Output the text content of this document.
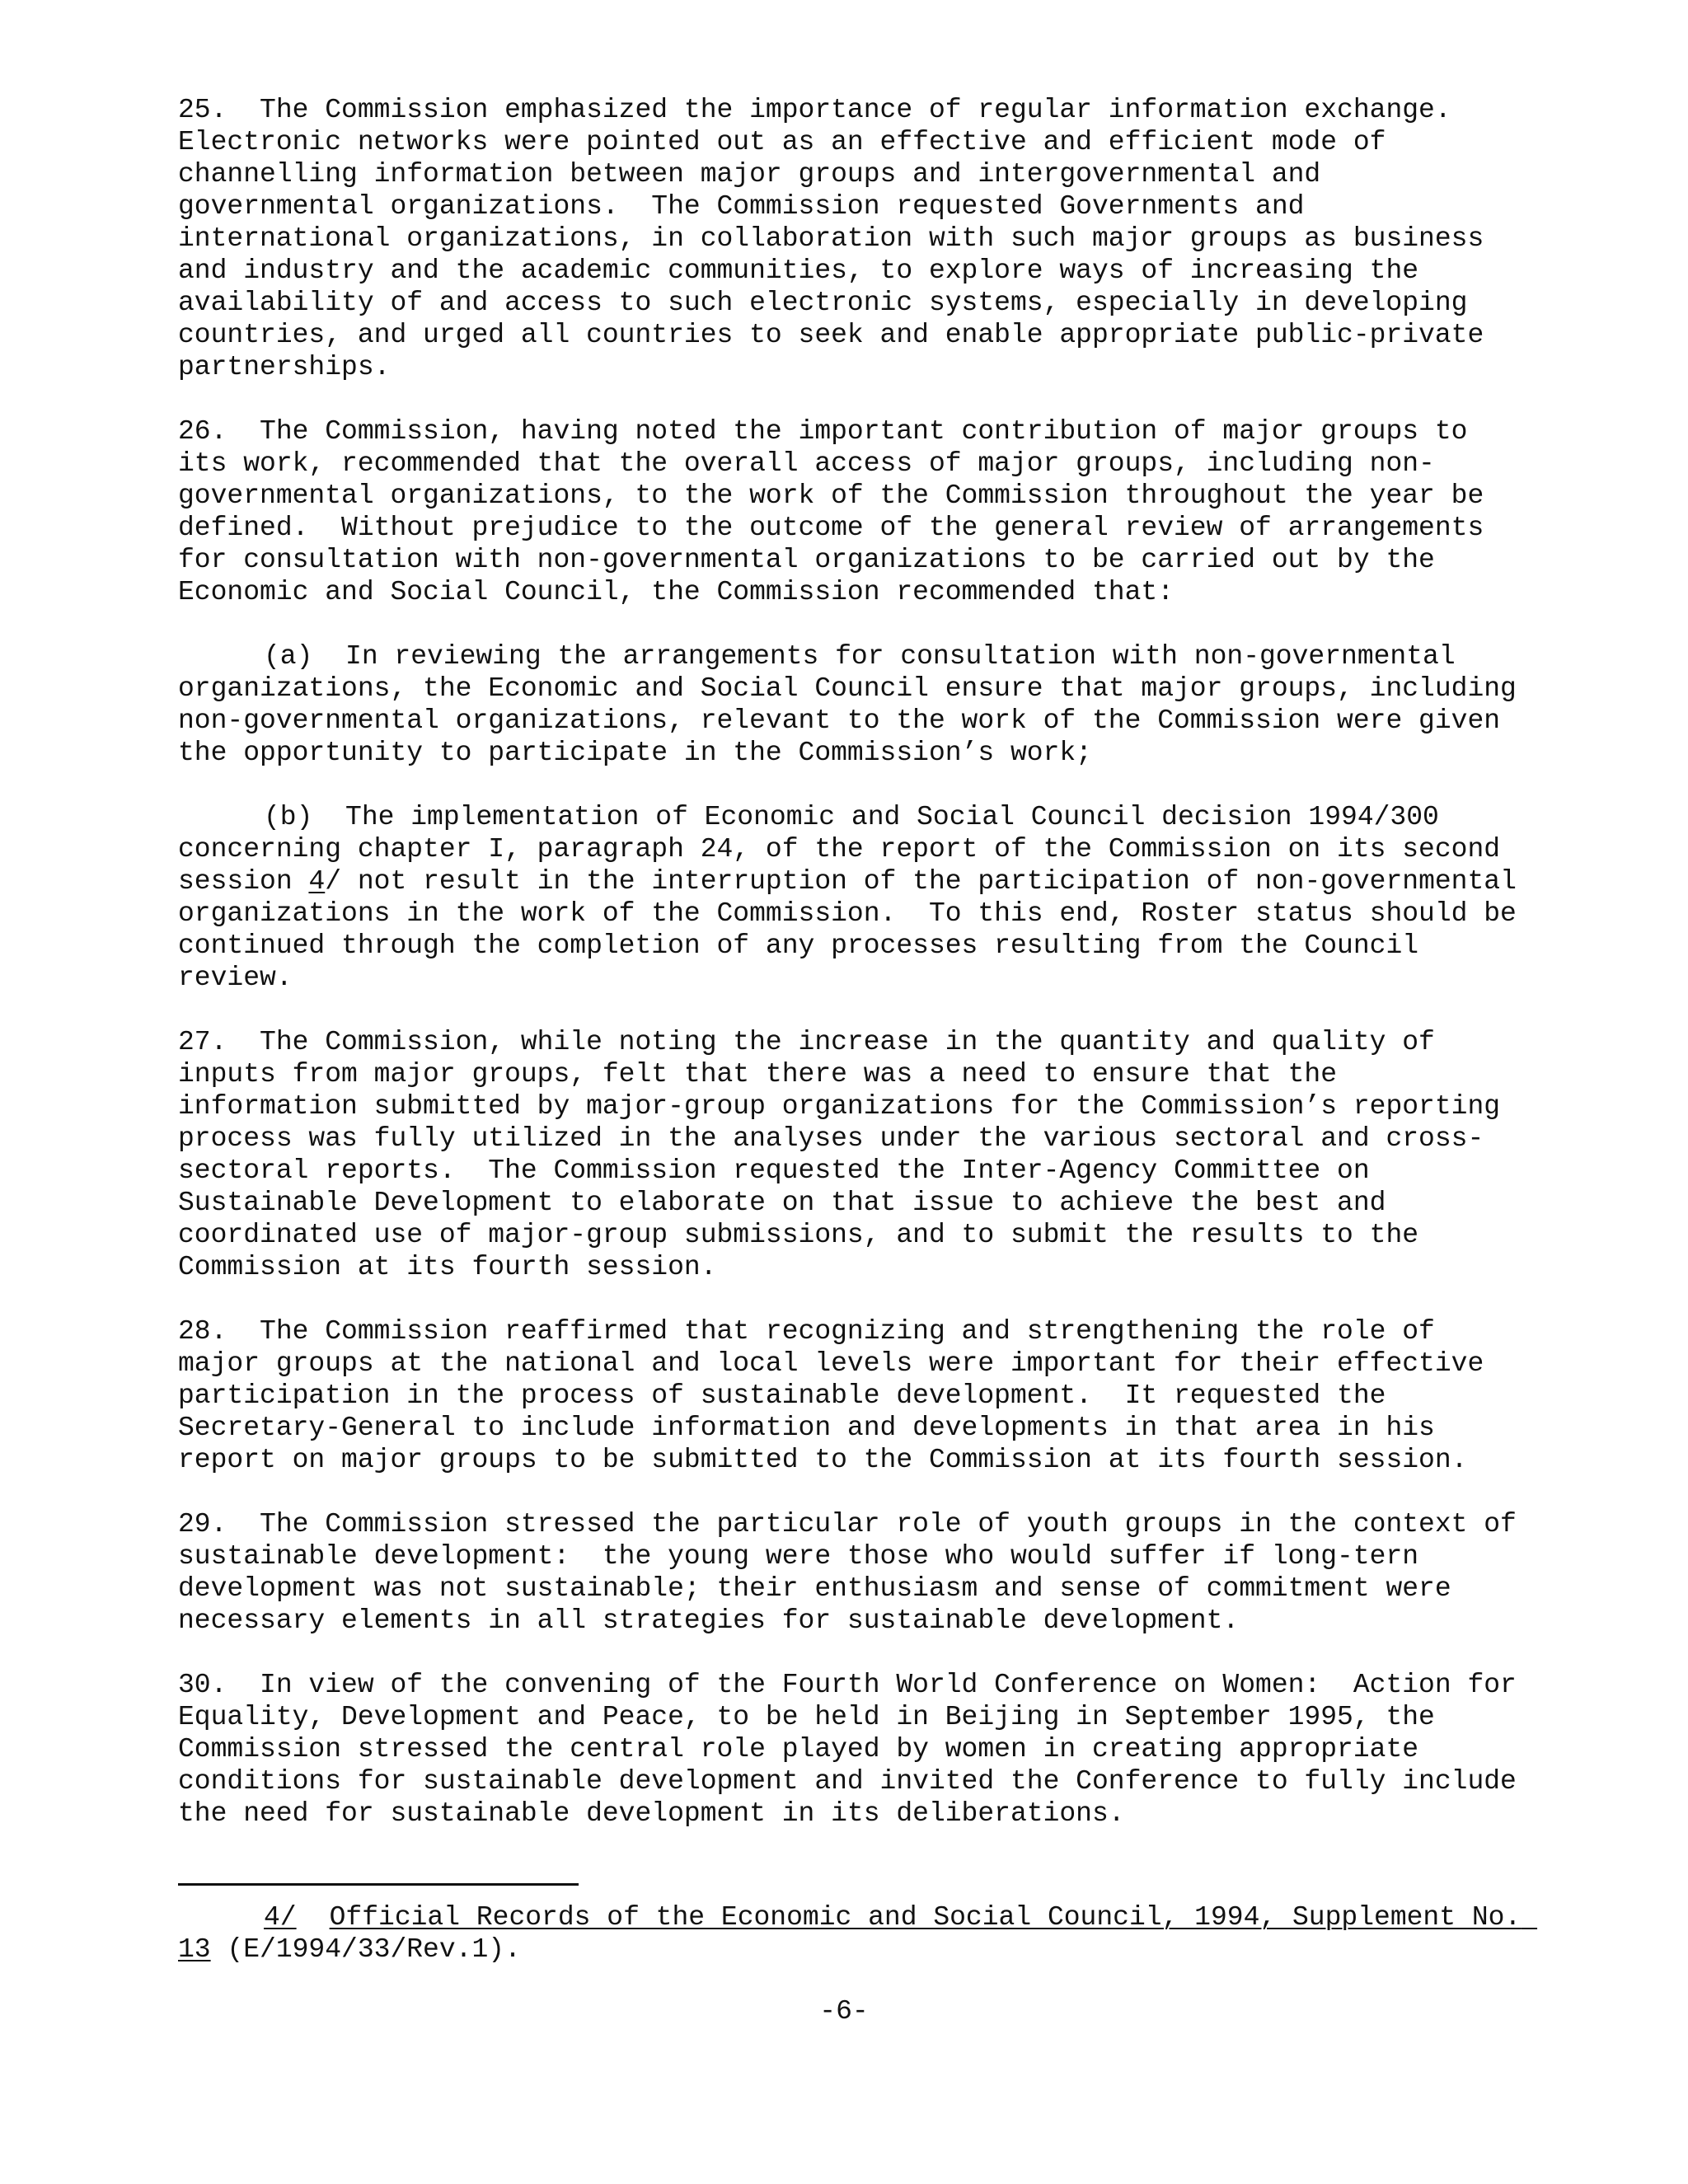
25.  The Commission emphasized the importance of regular information exchange. Electronic networks were pointed out as an effective and efficient mode of channelling information between major groups and intergovernmental and governmental organizations.  The Commission requested Governments and international organizations, in collaboration with such major groups as business and industry and the academic communities, to explore ways of increasing the availability of and access to such electronic systems, especially in developing countries, and urged all countries to seek and enable appropriate public-private partnerships.

26.  The Commission, having noted the important contribution of major groups to its work, recommended that the overall access of major groups, including non-governmental organizations, to the work of the Commission throughout the year be defined.  Without prejudice to the outcome of the general review of arrangements for consultation with non-governmental organizations to be carried out by the Economic and Social Council, the Commission recommended that:

(a)  In reviewing the arrangements for consultation with non-governmental organizations, the Economic and Social Council ensure that major groups, including non-governmental organizations, relevant to the work of the Commission were given the opportunity to participate in the Commission’s work;

(b)  The implementation of Economic and Social Council decision 1994/300 concerning chapter I, paragraph 24, of the report of the Commission on its second session 4/ not result in the interruption of the participation of non-governmental organizations in the work of the Commission.  To this end, Roster status should be continued through the completion of any processes resulting from the Council review.

27.  The Commission, while noting the increase in the quantity and quality of inputs from major groups, felt that there was a need to ensure that the information submitted by major-group organizations for the Commission’s reporting process was fully utilized in the analyses under the various sectoral and cross-sectoral reports.  The Commission requested the Inter-Agency Committee on Sustainable Development to elaborate on that issue to achieve the best and coordinated use of major-group submissions, and to submit the results to the Commission at its fourth session.

28.  The Commission reaffirmed that recognizing and strengthening the role of major groups at the national and local levels were important for their effective participation in the process of sustainable development.  It requested the Secretary-General to include information and developments in that area in his report on major groups to be submitted to the Commission at its fourth session.

29.  The Commission stressed the particular role of youth groups in the context of sustainable development:  the young were those who would suffer if long-tern development was not sustainable; their enthusiasm and sense of commitment were necessary elements in all strategies for sustainable development.

30.  In view of the convening of the Fourth World Conference on Women:  Action for Equality, Development and Peace, to be held in Beijing in September 1995, the Commission stressed the central role played by women in creating appropriate conditions for sustainable development and invited the Conference to fully include the need for sustainable development in its deliberations.

4/ Official Records of the Economic and Social Council, 1994, Supplement No. 13 (E/1994/33/Rev.1).
-6-
